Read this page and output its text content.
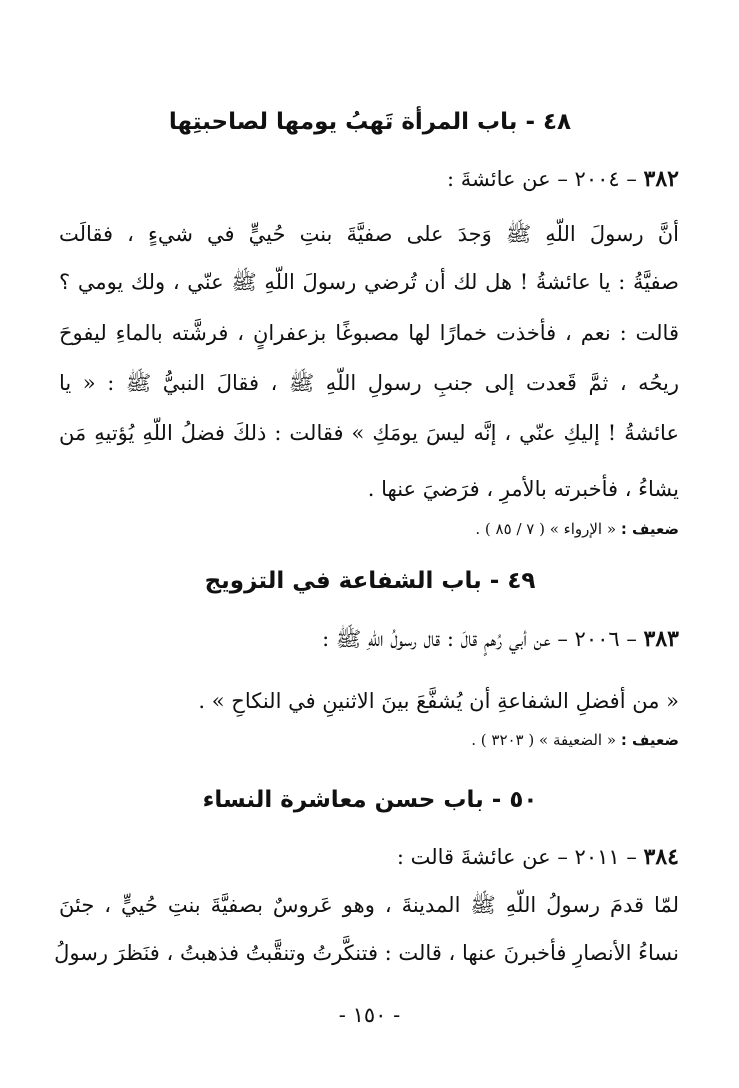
٤٨ - باب المرأة تَهبُ يومها لصاحبتِها
٣٨٢ – ٢٠٠٤ – عن عائشةَ :
أنَّ رسولَ اللّهِ ﷺ وَجدَ على صفيَّةَ بنتِ حُييٍّ في شيءٍ ، فقالَت
صفيَّةُ : يا عائشةُ ! هل لك أن تُرضي رسولَ اللّهِ ﷺ عنّي ، ولك يومي ؟
قالت : نعم ، فأخذت خمارًا لها مصبوغًا بزعفرانٍ ، فرشَّته بالماءِ ليفوحَ
ريحُه ، ثمَّ قَعدت إلى جنبِ رسولِ اللّهِ ﷺ ، فقالَ النبيُّ ﷺ : « يا
عائشةُ ! إليكِ عنّي ، إنَّه ليسَ يومَكِ » فقالت : ذلكَ فضلُ اللّهِ يُؤتيهِ مَن
يشاءُ ، فأخبرته بالأمرِ ، فرَضيَ عنها .
ضعيف : « الإرواء » ( ٧ / ٨٥ ) .
٤٩ - باب الشفاعة في التزويج
٣٨٣ – ٢٠٠٦ – عن أبي رُهمٍ قالَ : قال رسولُ اللّهِ ﷺ :
« من أفضلِ الشفاعةِ أن يُشفَّعَ بينَ الاثنينِ في النكاحِ » .
ضعيف : « الضعيفة » ( ٣٢٠٣ ) .
٥٠ - باب حسن معاشرة النساء
٣٨٤ – ٢٠١١ – عن عائشةَ قالت :
لمّا قدمَ رسولُ اللّهِ ﷺ المدينةَ ، وهو عَروسٌ بصفيَّةَ بنتِ حُييٍّ ، جئنَ
نساءُ الأنصارِ فأخبرنَ عنها ، قالت : فتنكَّرتُ وتنقَّبتُ فذهبتُ ، فنَظرَ رسولُ
- ١٥٠ -
